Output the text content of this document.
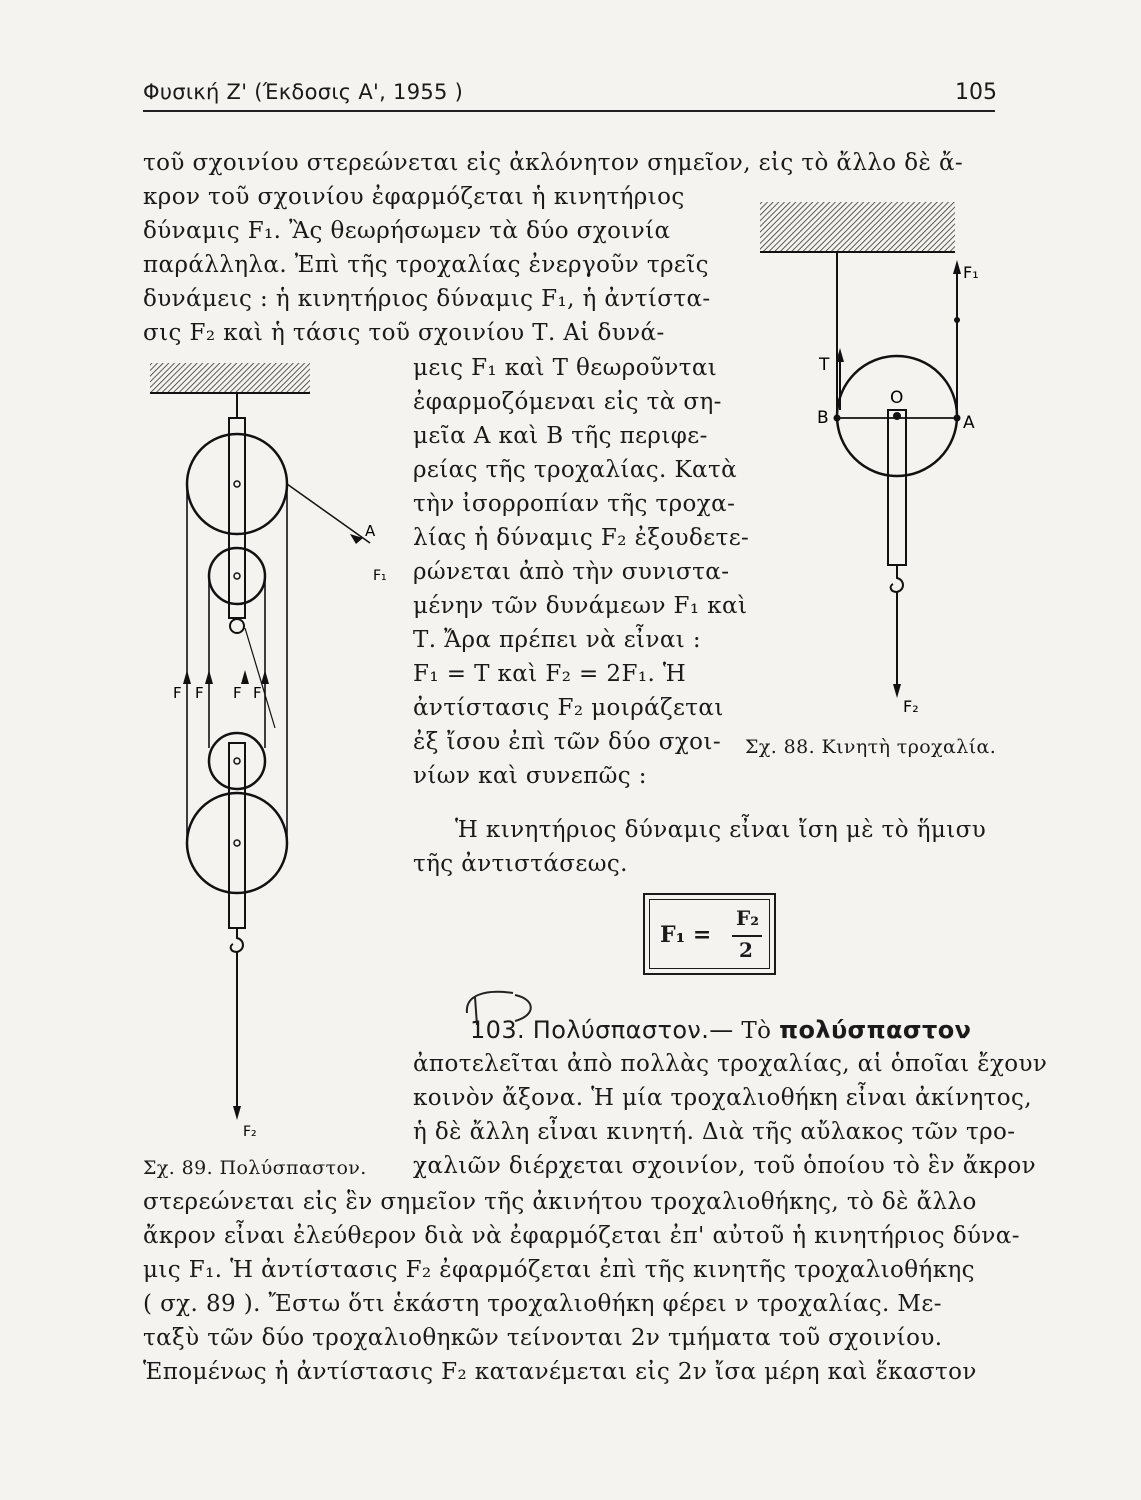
Φυσική Ζ' (Έκδοσις Α', 1955 )	105
τοῦ σχοινίου στερεώνεται εἰς ἀκλόνητον σημεῖον, εἰς τὸ ἄλλο δὲ ἄ-
κρον τοῦ σχοινίου ἐφαρμόζεται ἡ κινητήριος
δύναμις F₁. Ἂς θεωρήσωμεν τὰ δύο σχοινία
παράλληλα. Ἐπὶ τῆς τροχαλίας ἐνεργοῦν τρεῖς
δυνάμεις : ἡ κινητήριος δύναμις F₁, ἡ ἀντίστα-
σις F₂ καὶ ἡ τάσις τοῦ σχοινίου Τ. Αἱ δυνά-
μεις F₁ καὶ Τ θεωροῦνται
ἐφαρμοζόμεναι εἰς τὰ ση-
μεῖα Α καὶ Β τῆς περιφε-
ρείας τῆς τροχαλίας. Κατὰ
τὴν ἰσορροπίαν τῆς τροχα-
λίας ἡ δύναμις F₂ ἐξουδετε-
ρώνεται ἀπὸ τὴν συνιστα-
μένην τῶν δυνάμεων F₁ καὶ
Τ. Ἄρα πρέπει νὰ εἶναι :
F₁ = Τ καὶ F₂ = 2F₁. Ἡ
ἀντίστασις F₂ μοιράζεται
ἐξ ἴσου ἐπὶ τῶν δύο σχοι-
νίων καὶ συνεπῶς :
Σχ. 88. Κινητὴ τροχαλία.
Ἡ κινητήριος δύναμις εἶναι ἴση μὲ τὸ ἥμισυ
τῆς ἀντιστάσεως.
F₁ =
F₂
2
103. Πολύσπαστον.— Τὸ πολύσπαστον
ἀποτελεῖται ἀπὸ πολλὰς τροχαλίας, αἱ ὁποῖαι ἔχουν
κοινὸν ἄξονα. Ἡ μία τροχαλιοθήκη εἶναι ἀκίνητος,
ἡ δὲ ἄλλη εἶναι κινητή. Διὰ τῆς αὔλακος τῶν τρο-
χαλιῶν διέρχεται σχοινίον, τοῦ ὁποίου τὸ ἓν ἄκρον
Σχ. 89. Πολύσπαστον.
στερεώνεται εἰς ἓν σημεῖον τῆς ἀκινήτου τροχαλιοθήκης, τὸ δὲ ἄλλο
ἄκρον εἶναι ἐλεύθερον διὰ νὰ ἐφαρμόζεται ἐπ' αὐτοῦ ἡ κινητήριος δύνα-
μις F₁. Ἡ ἀντίστασις F₂ ἐφαρμόζεται ἐπὶ τῆς κινητῆς τροχαλιοθήκης
( σχ. 89 ). Ἔστω ὅτι ἑκάστη τροχαλιοθήκη φέρει ν τροχαλίας. Με-
ταξὺ τῶν δύο τροχαλιοθηκῶν τείνονται 2ν τμήματα τοῦ σχοινίου.
Ἑπομένως ἡ ἀντίστασις F₂ κατανέμεται εἰς 2ν ἴσα μέρη καὶ ἕκαστον
F₁
Τ
Β
Ο
Α
F₂
Α
F₁
F F F F
F₂
